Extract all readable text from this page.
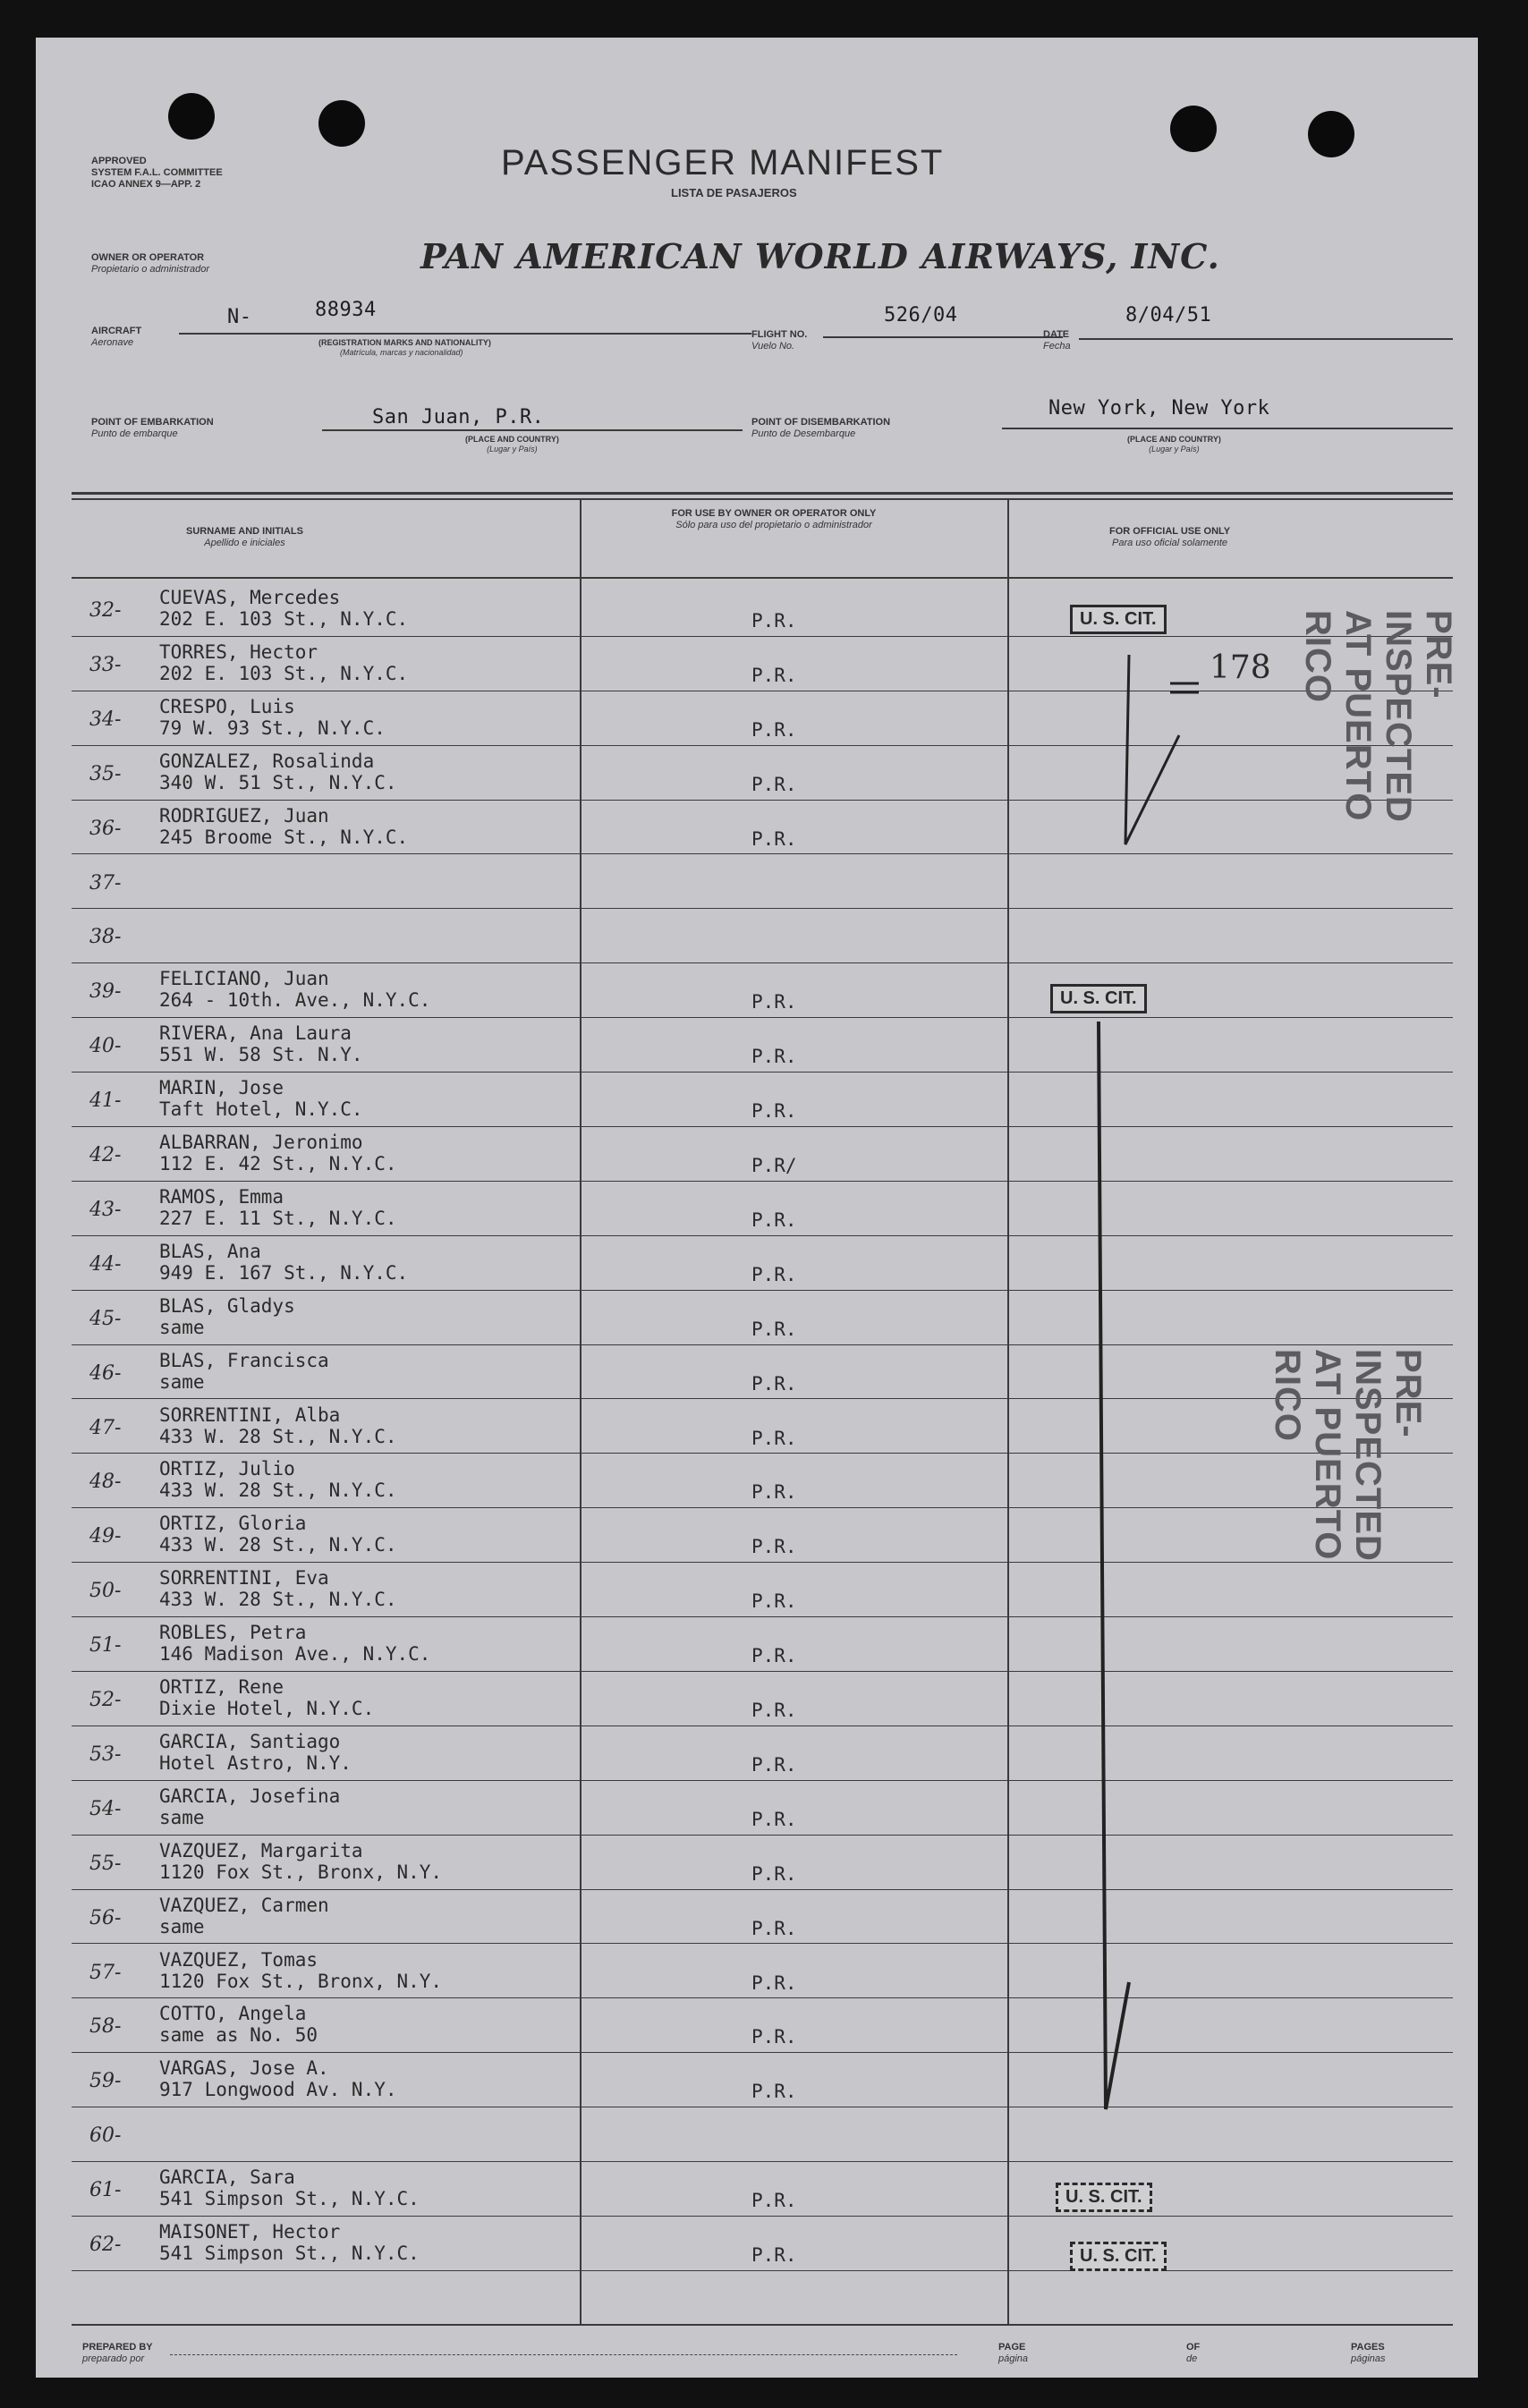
APPROVED
SYSTEM F.A.L. COMMITTEE
ICAO ANNEX 9—APP. 2
PASSENGER MANIFEST
LISTA DE PASAJEROS
OWNER OR OPERATOR
Propietario o administrador	PAN AMERICAN WORLD AIRWAYS, INC.
AIRCRAFT
Aeronave
N-	88934
(REGISTRATION MARKS AND NATIONALITY)
(Matrícula, marcas y nacionalidad)
FLIGHT NO.
Vuelo No.
526/04
DATE
Fecha
8/04/51
POINT OF EMBARKATION
Punto de embarque
San Juan, P.R.
(PLACE AND COUNTRY)
(Lugar y País)
POINT OF DISEMBARKATION
Punto de Desembarque
New York, New York
(PLACE AND COUNTRY)
(Lugar y País)
SURNAME AND INITIALS
Apellido e iniciales
FOR USE BY OWNER OR OPERATOR ONLY
Sólo para uso del propietario o administrador
FOR OFFICIAL USE ONLY
Para uso oficial solamente
32-
CUEVAS, Mercedes
202 E. 103 St., N.Y.C.	P.R.
33-
TORRES, Hector
202 E. 103 St., N.Y.C.	P.R.
34-
CRESPO, Luis
79 W. 93 St., N.Y.C.	P.R.
35-
GONZALEZ, Rosalinda
340 W. 51 St., N.Y.C.	P.R.
36-
RODRIGUEZ, Juan
245 Broome St., N.Y.C.	P.R.
37-
38-
39-
FELICIANO, Juan
264 - 10th. Ave., N.Y.C.	P.R.
40-
RIVERA, Ana Laura
551 W. 58 St. N.Y.	P.R.
41-
MARIN, Jose
Taft Hotel, N.Y.C.	P.R.
42-
ALBARRAN, Jeronimo
112 E. 42 St., N.Y.C.	P.R/
43-
RAMOS, Emma
227 E. 11 St., N.Y.C.	P.R.
44-
BLAS, Ana
949 E. 167 St., N.Y.C.	P.R.
45-
BLAS, Gladys
same	P.R.
46-
BLAS, Francisca
same	P.R.
47-
SORRENTINI, Alba
433 W. 28 St., N.Y.C.	P.R.
48-
ORTIZ, Julio
433 W. 28 St., N.Y.C.	P.R.
49-
ORTIZ, Gloria
433 W. 28 St., N.Y.C.	P.R.
50-
SORRENTINI, Eva
433 W. 28 St., N.Y.C.	P.R.
51-
ROBLES, Petra
146 Madison Ave., N.Y.C.	P.R.
52-
ORTIZ, Rene
Dixie Hotel, N.Y.C.	P.R.
53-
GARCIA, Santiago
Hotel Astro, N.Y.	P.R.
54-
GARCIA, Josefina
same	P.R.
55-
VAZQUEZ, Margarita
1120 Fox St., Bronx, N.Y.	P.R.
56-
VAZQUEZ, Carmen
same	P.R.
57-
VAZQUEZ, Tomas
1120 Fox St., Bronx, N.Y.	P.R.
58-
COTTO, Angela
same as No. 50	P.R.
59-
VARGAS, Jose A.
917 Longwood Av. N.Y.	P.R.
60-
61-
GARCIA, Sara
541 Simpson St., N.Y.C.	P.R.
62-
MAISONET, Hector
541 Simpson St., N.Y.C.	P.R.
U. S. CIT.
178
U. S. CIT.
U. S. CIT.
U. S. CIT.
PRE-INSPECTED AT PUERTO RICO
PRE-INSPECTED AT PUERTO RICO
PREPARED BY
preparado por
PAGE
página
OF
de
PAGES
páginas
